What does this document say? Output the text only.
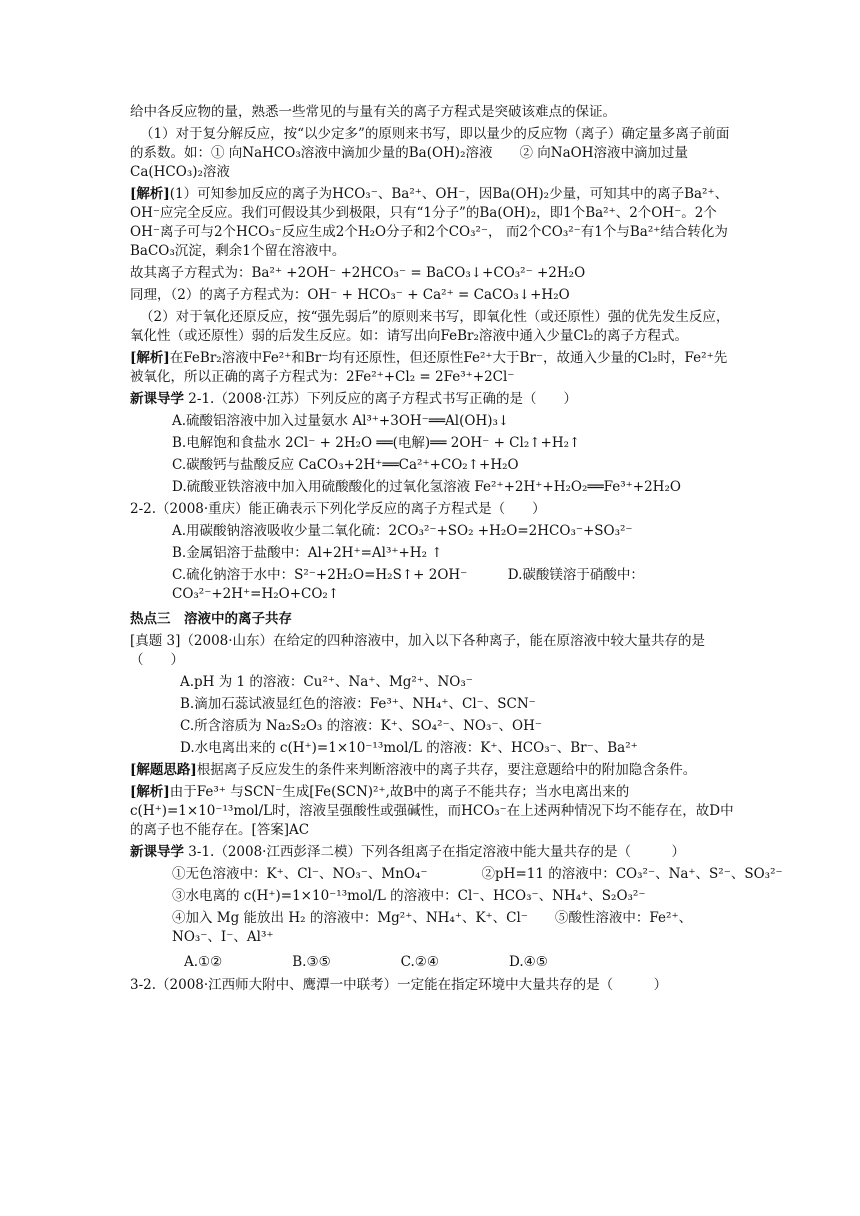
给中各反应物的量，熟悉一些常见的与量有关的离子方程式是突破该难点的保证。

（1）对于复分解反应，按“以少定多”的原则来书写，即以量少的反应物（离子）确定量多离子前面的系数。如：① 向NaHCO₃溶液中滴加少量的Ba(OH)₂溶液　　② 向NaOH溶液中滴加过量Ca(HCO₃)₂溶液

[解析](1）可知参加反应的离子为HCO₃⁻、Ba²⁺、OH⁻，因Ba(OH)₂少量，可知其中的离子Ba²⁺、OH⁻应完全反应。我们可假设其少到极限，只有“1分子”的Ba(OH)₂，即1个Ba²⁺、2个OH⁻。2个OH⁻离子可与2个HCO₃⁻反应生成2个H₂O分子和2个CO₃²⁻， 而2个CO₃²⁻有1个与Ba²⁺结合转化为BaCO₃沉淀，剩余1个留在溶液中。

故其离子方程式为：Ba²⁺ +2OH⁻ +2HCO₃⁻ = BaCO₃↓+CO₃²⁻ +2H₂O

同理，（2）的离子方程式为：OH⁻ + HCO₃⁻ + Ca²⁺ = CaCO₃↓+H₂O

（2）对于氧化还原反应，按“强先弱后”的原则来书写，即氧化性（或还原性）强的优先发生反应，氧化性（或还原性）弱的后发生反应。如：请写出向FeBr₂溶液中通入少量Cl₂的离子方程式。

[解析]在FeBr₂溶液中Fe²⁺和Br⁻均有还原性，但还原性Fe²⁺大于Br⁻，故通入少量的Cl₂时，Fe²⁺先被氧化，所以正确的离子方程式为：2Fe²⁺+Cl₂ = 2Fe³⁺+2Cl⁻

新课导学 2-1.（2008·江苏）下列反应的离子方程式书写正确的是（　　）

A.硫酸铝溶液中加入过量氨水 Al³⁺+3OH⁻══Al(OH)₃↓

B.电解饱和食盐水 2Cl⁻ + 2H₂O ══(电解)══ 2OH⁻ + Cl₂↑+H₂↑

C.碳酸钙与盐酸反应 CaCO₃+2H⁺══Ca²⁺+CO₂↑+H₂O

D.硫酸亚铁溶液中加入用硫酸酸化的过氧化氢溶液 Fe²⁺+2H⁺+H₂O₂══Fe³⁺+2H₂O

2-2.（2008·重庆）能正确表示下列化学反应的离子方程式是（　　）

A.用碳酸钠溶液吸收少量二氧化硫：2CO₃²⁻+SO₂ +H₂O=2HCO₃⁻+SO₃²⁻

B.金属铝溶于盐酸中：Al+2H⁺=Al³⁺+H₂ ↑

C.硫化钠溶于水中：S²⁻+2H₂O=H₂S↑+ 2OH⁻　　　D.碳酸镁溶于硝酸中：CO₃²⁻+2H⁺=H₂O+CO₂↑

热点三　溶液中的离子共存

[真题 3]（2008·山东）在给定的四种溶液中，加入以下各种离子，能在原溶液中较大量共存的是（　　）

A.pH 为 1 的溶液：Cu²⁺、Na⁺、Mg²⁺、NO₃⁻

B.滴加石蕊试液显红色的溶液：Fe³⁺、NH₄⁺、Cl⁻、SCN⁻

C.所含溶质为 Na₂S₂O₃ 的溶液：K⁺、SO₄²⁻、NO₃⁻、OH⁻

D.水电离出来的 c(H⁺)=1×10⁻¹³mol/L 的溶液：K⁺、HCO₃⁻、Br⁻、Ba²⁺

[解题思路]根据离子反应发生的条件来判断溶液中的离子共存，要注意题给中的附加隐含条件。

[解析]由于Fe³⁺ 与SCN⁻生成[Fe(SCN)²⁺,故B中的离子不能共存；当水电离出来的c(H⁺)=1×10⁻¹³mol/L时，溶液呈强酸性或强碱性，而HCO₃⁻在上述两种情况下均不能存在，故D中的离子也不能存在。[答案]AC

新课导学 3-1.（2008·江西彭泽二模）下列各组离子在指定溶液中能大量共存的是（　　　）

①无色溶液中：K⁺、Cl⁻、NO₃⁻、MnO₄⁻　　　　②pH=11 的溶液中：CO₃²⁻、Na⁺、S²⁻、SO₃²⁻

③水电离的 c(H⁺)=1×10⁻¹³mol/L 的溶液中：Cl⁻、HCO₃⁻、NH₄⁺、S₂O₃²⁻

④加入 Mg 能放出 H₂ 的溶液中：Mg²⁺、NH₄⁺、K⁺、Cl⁻　　⑤酸性溶液中：Fe²⁺、NO₃⁻、I⁻、Al³⁺

A.①②	B.③⑤	C.②④	D.④⑤

3-2.（2008·江西师大附中、鹰潭一中联考）一定能在指定环境中大量共存的是（　　　）
